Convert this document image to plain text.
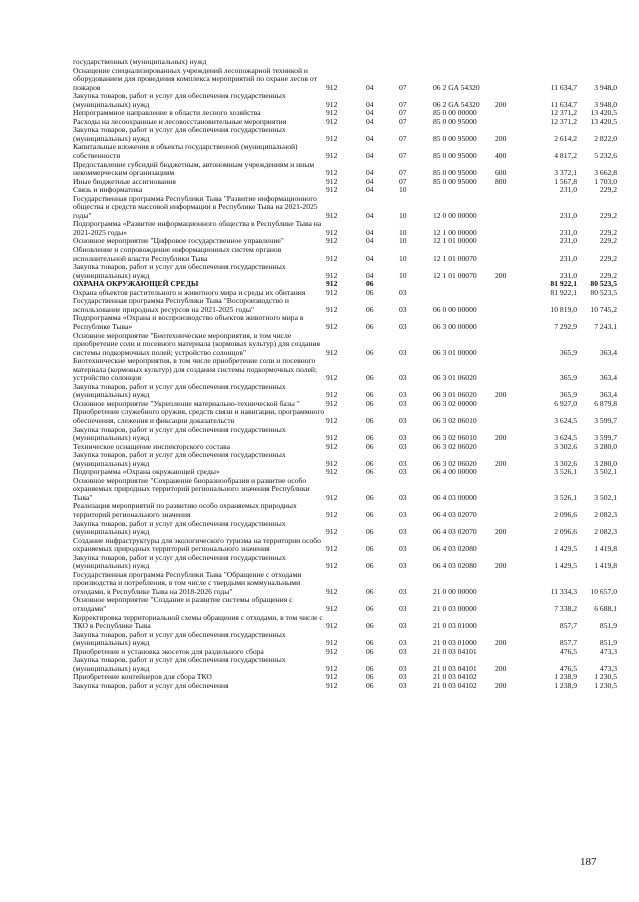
государственных (муниципальных) нужд							
Оснащение специализированных учреждений лесопожарной техникой и оборудованием для проведения комплекса мероприятий по охране лесов от пожаров	912	04	07	06 2 GA 54320		11 634,7	3 948,0
Закупка товаров, работ и услуг для обеспечения государственных (муниципальных) нужд	912	04	07	06 2 GA 54320	200	11 634,7	3 948,0
Непрограммное направление в области лесного хозяйства	912	04	07	85 0 00 00000		12 371,2	13 420,5
Расходы на лесоохранные и лесовосстановительные мероприятия	912	04	07	85 0 00 95000		12 371,2	13 420,5
Закупка товаров, работ и услуг для обеспечения государственных (муниципальных) нужд	912	04	07	85 0 00 95000	200	2 614,2	2 822,0
Капитальные вложения в объекты государственной (муниципальной) собственности	912	04	07	85 0 00 95000	400	4 817,2	5 232,6
Предоставление субсидий бюджетным, автономным учреждениям и иным некоммерческим организациям	912	04	07	85 0 00 95000	600	3 372,1	3 662,8
Иные бюджетные ассигнования	912	04	07	85 0 00 95000	800	1 567,8	1 703,0
Связь и информатика	912	04	10			231,0	229,2
Государственная программа Республики Тыва "Развитие информационного общества и средств массовой информации в Республике Тыва на 2021-2025 годы"	912	04	10	12 0 00 00000		231,0	229,2
Подпрограмма «Развитие информационного общества в Республике Тыва на 2021-2025 годы»	912	04	10	12 1 00 00000		231,0	229,2
Основное мероприятие "Цифровое государственное управление"	912	04	10	12 1 01 00000		231,0	229,2
Обновление и сопровождение информационных систем органов исполнительной власти Республики Тыва	912	04	10	12 1 01 00070		231,0	229,2
Закупка товаров, работ и услуг для обеспечения государственных (муниципальных) нужд	912	04	10	12 1 01 00070	200	231,0	229,2
ОХРАНА ОКРУЖАЮЩЕЙ СРЕДЫ	912	06				81 922,1	80 523,5
Охрана объектов растительного и животного мира и среды их обитания	912	06	03			81 922,1	80 523,5
Государственная программа Республики Тыва "Воспроизводство и использование природных ресурсов на 2021-2025 годы"	912	06	03	06 0 00 00000		10 819,0	10 745,2
Подпрограмма «Охрана и воспроизводство объектов животного мира в Республике Тыва»	912	06	03	06 3 00 00000		7 292,9	7 243,1
Основное мероприятие "Биотехнические мероприятия, в том числе приобретение соли и посевного материала (кормовых культур) для создания системы подкормочных полей; устройство солонцов"	912	06	03	06 3 01 00000		365,9	363,4
Биотехнические мероприятия, в том числе приобретение соли и посевного материала (кормовых культур) для создания системы подкормочных полей; устройство солонцов	912	06	03	06 3 01 06020		365,9	363,4
Закупка товаров, работ и услуг для обеспечения государственных (муниципальных) нужд	912	06	03	06 3 01 06020	200	365,9	363,4
Основное мероприятие "Укрепление материально-технической базы "	912	06	03	06 3 02 00000		6 927,0	6 879,8
Приобретение служебного оружия, средств связи и навигации, программного обеспечения, слежения и фиксации доказательств	912	06	03	06 3 02 06010		3 624,5	3 599,7
Закупка товаров, работ и услуг для обеспечения государственных (муниципальных) нужд	912	06	03	06 3 02 06010	200	3 624,5	3 599,7
Техническое оснащение инспекторского состава	912	06	03	06 3 02 06020		3 302,6	3 280,0
Закупка товаров, работ и услуг для обеспечения государственных (муниципальных) нужд	912	06	03	06 3 02 06020	200	3 302,6	3 280,0
Подпрограмма «Охрана окружающей среды»	912	06	03	06 4 00 00000		3 526,1	3 502,1
Основное мероприятие "Сохранение биоразнообразия и развитие особо охраняемых природных территорий регионального значения Республики Тыва"	912	06	03	06 4 03 00000		3 526,1	3 502,1
Реализация мероприятий по развитию особо охраняемых природных территорий регионального значения	912	06	03	06 4 03 02070		2 096,6	2 082,3
Закупка товаров, работ и услуг для обеспечения государственных (муниципальных) нужд	912	06	03	06 4 03 02070	200	2 096,6	2 082,3
Создание инфраструктуры для экологического туризма на территории особо охраняемых природных территорий регионального значения	912	06	03	06 4 03 02080		1 429,5	1 419,8
Закупка товаров, работ и услуг для обеспечения государственных (муниципальных) нужд	912	06	03	06 4 03 02080	200	1 429,5	1 419,8
Государственная программа Республики Тыва "Обращение с отходами производства и потребления, в том числе с твердыми коммунальными отходами, в Республике Тыва на 2018-2026 годы"	912	06	03	21 0 00 00000		11 334,3	10 657,0
Основное мероприятие "Создание и развитие системы обращения с отходами"	912	06	03	21 0 03 00000		7 338,2	6 688,1
Корректировка территориальной схемы обращения с отходами, в том числе с ТКО в Республике Тыва	912	06	03	21 0 03 01000		857,7	851,9
Закупка товаров, работ и услуг для обеспечения государственных (муниципальных) нужд	912	06	03	21 0 03 01000	200	857,7	851,9
Приобретение и установка экосеток для раздельного сбора	912	06	03	21 0 03 04101		476,5	473,3
Закупка товаров, работ и услуг для обеспечения государственных (муниципальных) нужд	912	06	03	21 0 03 04101	200	476,5	473,3
Приобретение контейнеров для сбора ТКО	912	06	03	21 0 03 04102		1 238,9	1 230,5
Закупка товаров, работ и услуг для обеспечения	912	06	03	21 0 03 04102	200	1 238,9	1 230,5
187
